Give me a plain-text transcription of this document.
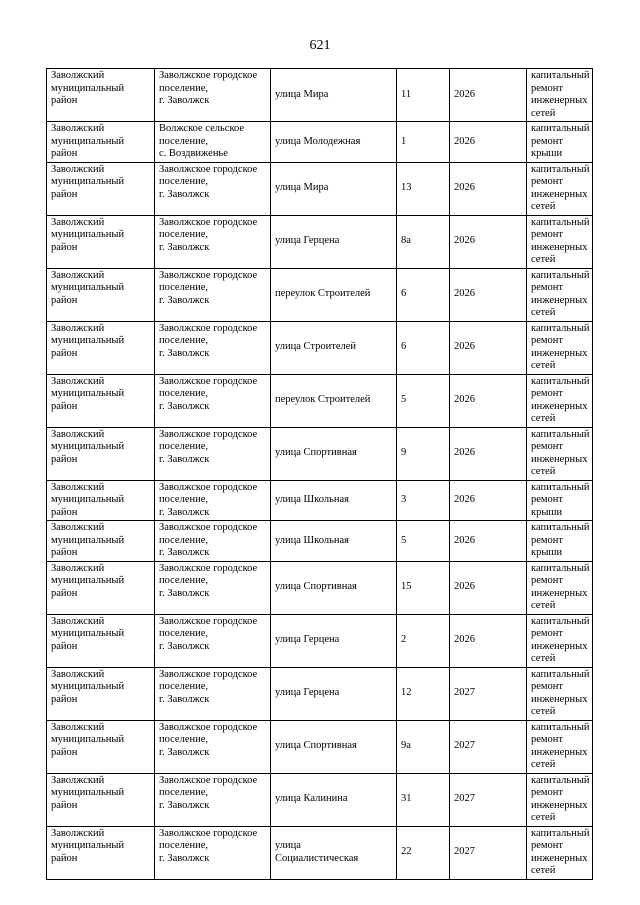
621
Заволжский
муниципальный
район	Заволжское городское
поселение,
г. Заволжск	улица Мира	11	2026	капитальный
ремонт
инженерных
сетей

Заволжский
муниципальный
район	Волжское сельское
поселение,
с. Воздвиженье	улица Молодежная	1	2026	капитальный
ремонт крыши

Заволжский
муниципальный
район	Заволжское городское
поселение,
г. Заволжск	улица Мира	13	2026	капитальный
ремонт
инженерных
сетей

Заволжский
муниципальный
район	Заволжское городское
поселение,
г. Заволжск	улица Герцена	8а	2026	капитальный
ремонт
инженерных
сетей

Заволжский
муниципальный
район	Заволжское городское
поселение,
г. Заволжск	переулок Строителей	6	2026	капитальный
ремонт
инженерных
сетей

Заволжский
муниципальный
район	Заволжское городское
поселение,
г. Заволжск	улица Строителей	6	2026	капитальный
ремонт
инженерных
сетей

Заволжский
муниципальный
район	Заволжское городское
поселение,
г. Заволжск	переулок Строителей	5	2026	капитальный
ремонт
инженерных
сетей

Заволжский
муниципальный
район	Заволжское городское
поселение,
г. Заволжск	улица Спортивная	9	2026	капитальный
ремонт
инженерных
сетей

Заволжский
муниципальный
район	Заволжское городское
поселение,
г. Заволжск	улица Школьная	3	2026	капитальный
ремонт крыши

Заволжский
муниципальный
район	Заволжское городское
поселение,
г. Заволжск	улица Школьная	5	2026	капитальный
ремонт крыши

Заволжский
муниципальный
район	Заволжское городское
поселение,
г. Заволжск	улица Спортивная	15	2026	капитальный
ремонт
инженерных
сетей

Заволжский
муниципальный
район	Заволжское городское
поселение,
г. Заволжск	улица Герцена	2	2026	капитальный
ремонт
инженерных
сетей

Заволжский
муниципальный
район	Заволжское городское
поселение,
г. Заволжск	улица Герцена	12	2027	капитальный
ремонт
инженерных
сетей

Заволжский
муниципальный
район	Заволжское городское
поселение,
г. Заволжск	улица Спортивная	9а	2027	капитальный
ремонт
инженерных
сетей

Заволжский
муниципальный
район	Заволжское городское
поселение,
г. Заволжск	улица Калинина	31	2027	капитальный
ремонт
инженерных
сетей

Заволжский
муниципальный
район	Заволжское городское
поселение,
г. Заволжск	улица
Социалистическая	22	2027	капитальный
ремонт
инженерных
сетей
